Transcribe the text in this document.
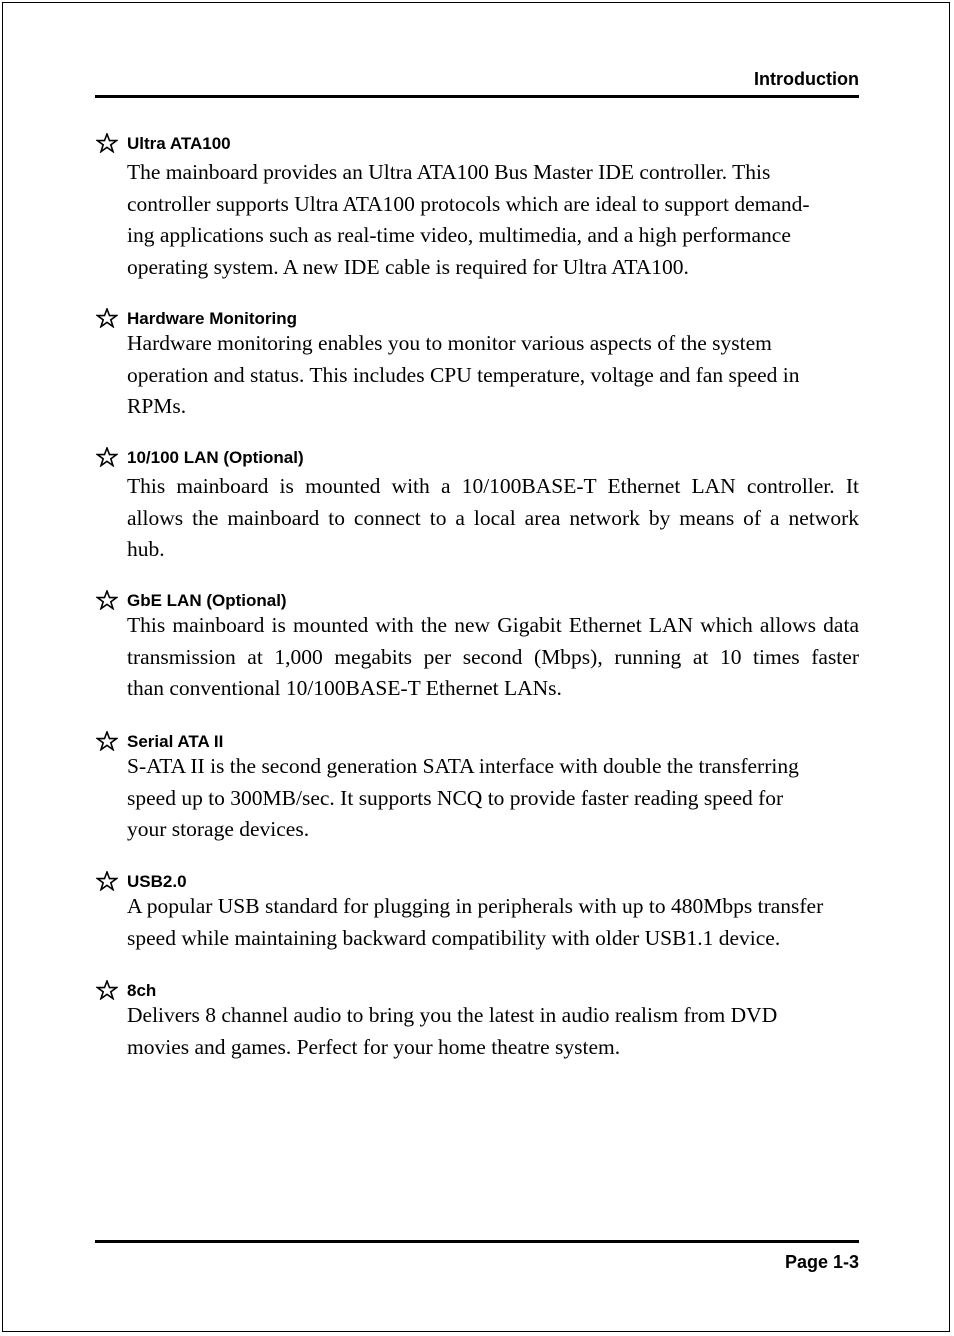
Introduction
Ultra ATA100
The mainboard provides an Ultra ATA100 Bus Master IDE controller. This
controller supports Ultra ATA100 protocols which are ideal to support demand-
ing applications such as real-time video, multimedia, and a high performance
operating system. A new IDE cable is required for Ultra ATA100.
Hardware Monitoring
Hardware monitoring enables you to monitor various aspects of the system
operation and status. This includes CPU temperature, voltage and fan speed in
RPMs.
10/100 LAN (Optional)
This mainboard is mounted with a 10/100BASE-T Ethernet LAN controller. It
allows the mainboard to connect to a local area network by means of a network
hub.
GbE LAN (Optional)
This mainboard is mounted with the new Gigabit Ethernet LAN which allows data
transmission at 1,000 megabits per second (Mbps), running at 10 times faster
than conventional 10/100BASE-T Ethernet LANs.
Serial ATA II
S-ATA II is the second generation SATA interface with double the transferring
speed up to 300MB/sec. It supports NCQ to provide faster reading speed for
your storage devices.
USB2.0
A popular USB standard for plugging in peripherals with up to 480Mbps transfer
speed while maintaining backward compatibility with older USB1.1 device.
8ch
Delivers 8 channel audio to bring you the latest in audio realism from DVD
movies and games. Perfect for your home theatre system.
Page 1-3
